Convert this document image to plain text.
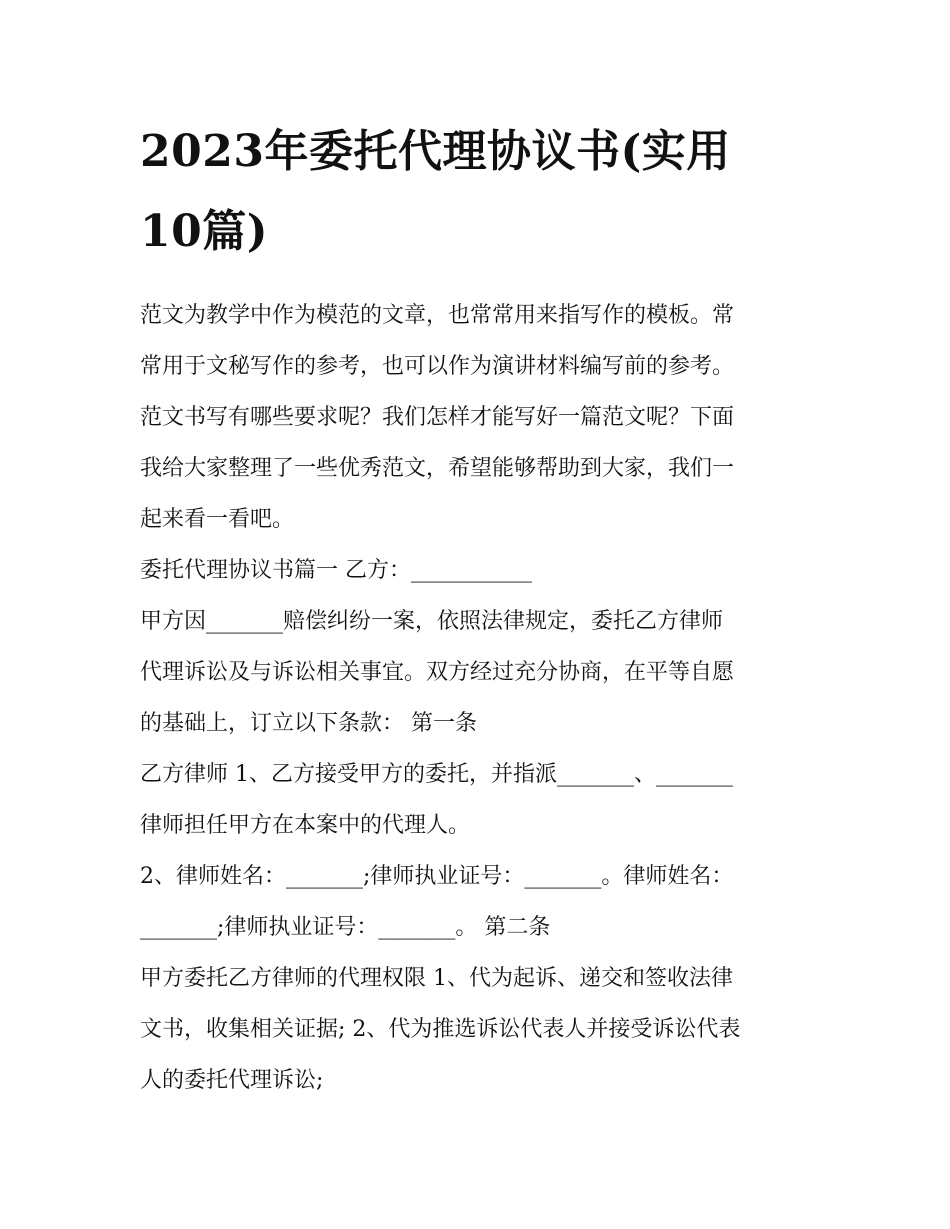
2023年委托代理协议书(实用
10篇)
范文为教学中作为模范的文章，也常常用来指写作的模板。常
常用于文秘写作的参考，也可以作为演讲材料编写前的参考。
范文书写有哪些要求呢？我们怎样才能写好一篇范文呢？下面
我给大家整理了一些优秀范文，希望能够帮助到大家，我们一
起来看一看吧。
委托代理协议书篇一 乙方：___________
甲方因_______赔偿纠纷一案，依照法律规定，委托乙方律师
代理诉讼及与诉讼相关事宜。双方经过充分协商，在平等自愿
的基础上，订立以下条款： 第一条
乙方律师 1、乙方接受甲方的委托，并指派_______、_______
律师担任甲方在本案中的代理人。
2、律师姓名：_______;律师执业证号：_______。律师姓名：
_______;律师执业证号：_______。 第二条
甲方委托乙方律师的代理权限 1、代为起诉、递交和签收法律
文书，收集相关证据; 2、代为推选诉讼代表人并接受诉讼代表
人的委托代理诉讼;
